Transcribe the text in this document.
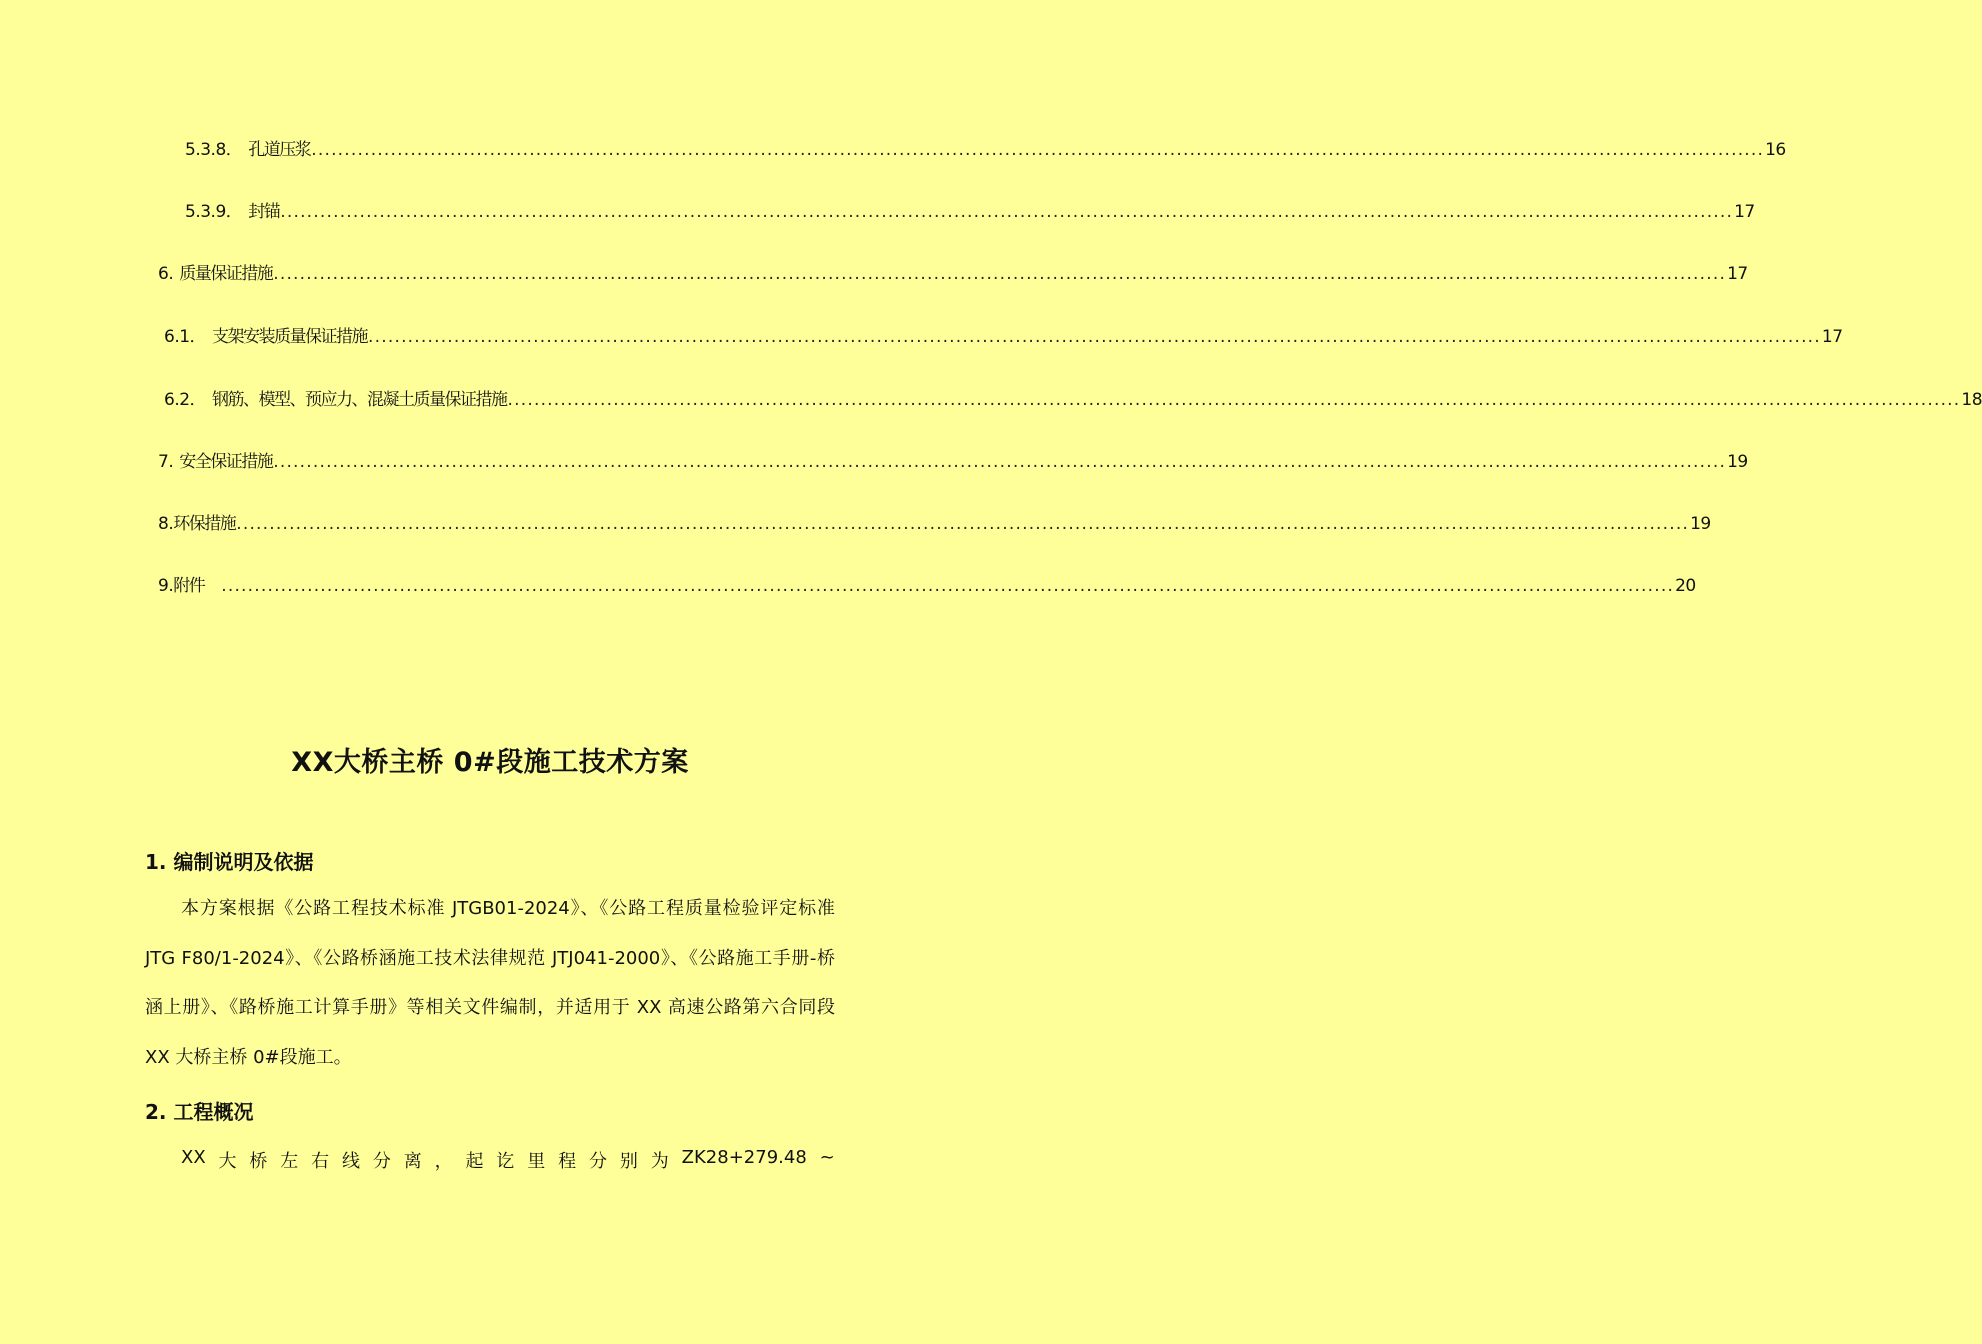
5.3.8． 孔道压浆 ............................................................................................................................................................................................................................ 16
5.3.9． 封锚 ............................................................................................................................................................................................................................ 17
6. 质量保证措施 ............................................................................................................................................................................................................................ 17
6.1． 支架安装质量保证措施 ............................................................................................................................................................................................................................ 17
6.2． 钢筋、模型、预应力、混凝土质量保证措施 ............................................................................................................................................................................................................................ 18
7. 安全保证措施 ............................................................................................................................................................................................................................ 19
8. 环保措施 ............................................................................................................................................................................................................................ 19
9. 附件 ............................................................................................................................................................................................................................ 20
XX大桥主桥 0#段施工技术方案
1. 编制说明及依据
本方案根据《公路工程技术标准 JTGB01-2024》、《公路工程质量检验评定标准 JTG F80/1-2024》、《公路桥涵施工技术法律规范 JTJ041-2000》、《公路施工手册-桥涵上册》、《路桥施工计算手册》等相关文件编制，并适用于 XX 高速公路第六合同段 XX 大桥主桥 0#段施工。
2. 工程概况
XX 大 桥 左 右 线 分 离 ， 起 讫 里 程 分 别 为 ZK28+279.48 ~
